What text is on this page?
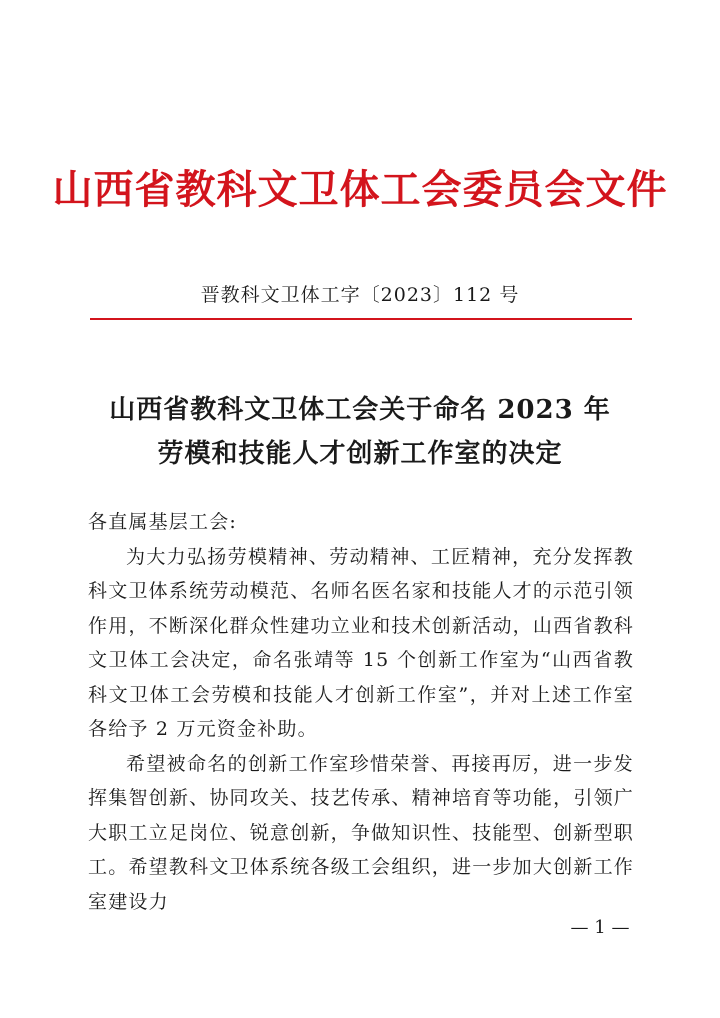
山西省教科文卫体工会委员会文件
晋教科文卫体工字〔2023〕112 号
山西省教科文卫体工会关于命名 2023 年
劳模和技能人才创新工作室的决定

各直属基层工会:

为大力弘扬劳模精神、劳动精神、工匠精神，充分发挥教科文卫体系统劳动模范、名师名医名家和技能人才的示范引领作用，不断深化群众性建功立业和技术创新活动，山西省教科文卫体工会决定，命名张靖等 15 个创新工作室为“山西省教科文卫体工会劳模和技能人才创新工作室”，并对上述工作室各给予 2 万元资金补助。

希望被命名的创新工作室珍惜荣誉、再接再厉，进一步发挥集智创新、协同攻关、技艺传承、精神培育等功能，引领广大职工立足岗位、锐意创新，争做知识性、技能型、创新型职工。希望教科文卫体系统各级工会组织，进一步加大创新工作室建设力

— 1 —
